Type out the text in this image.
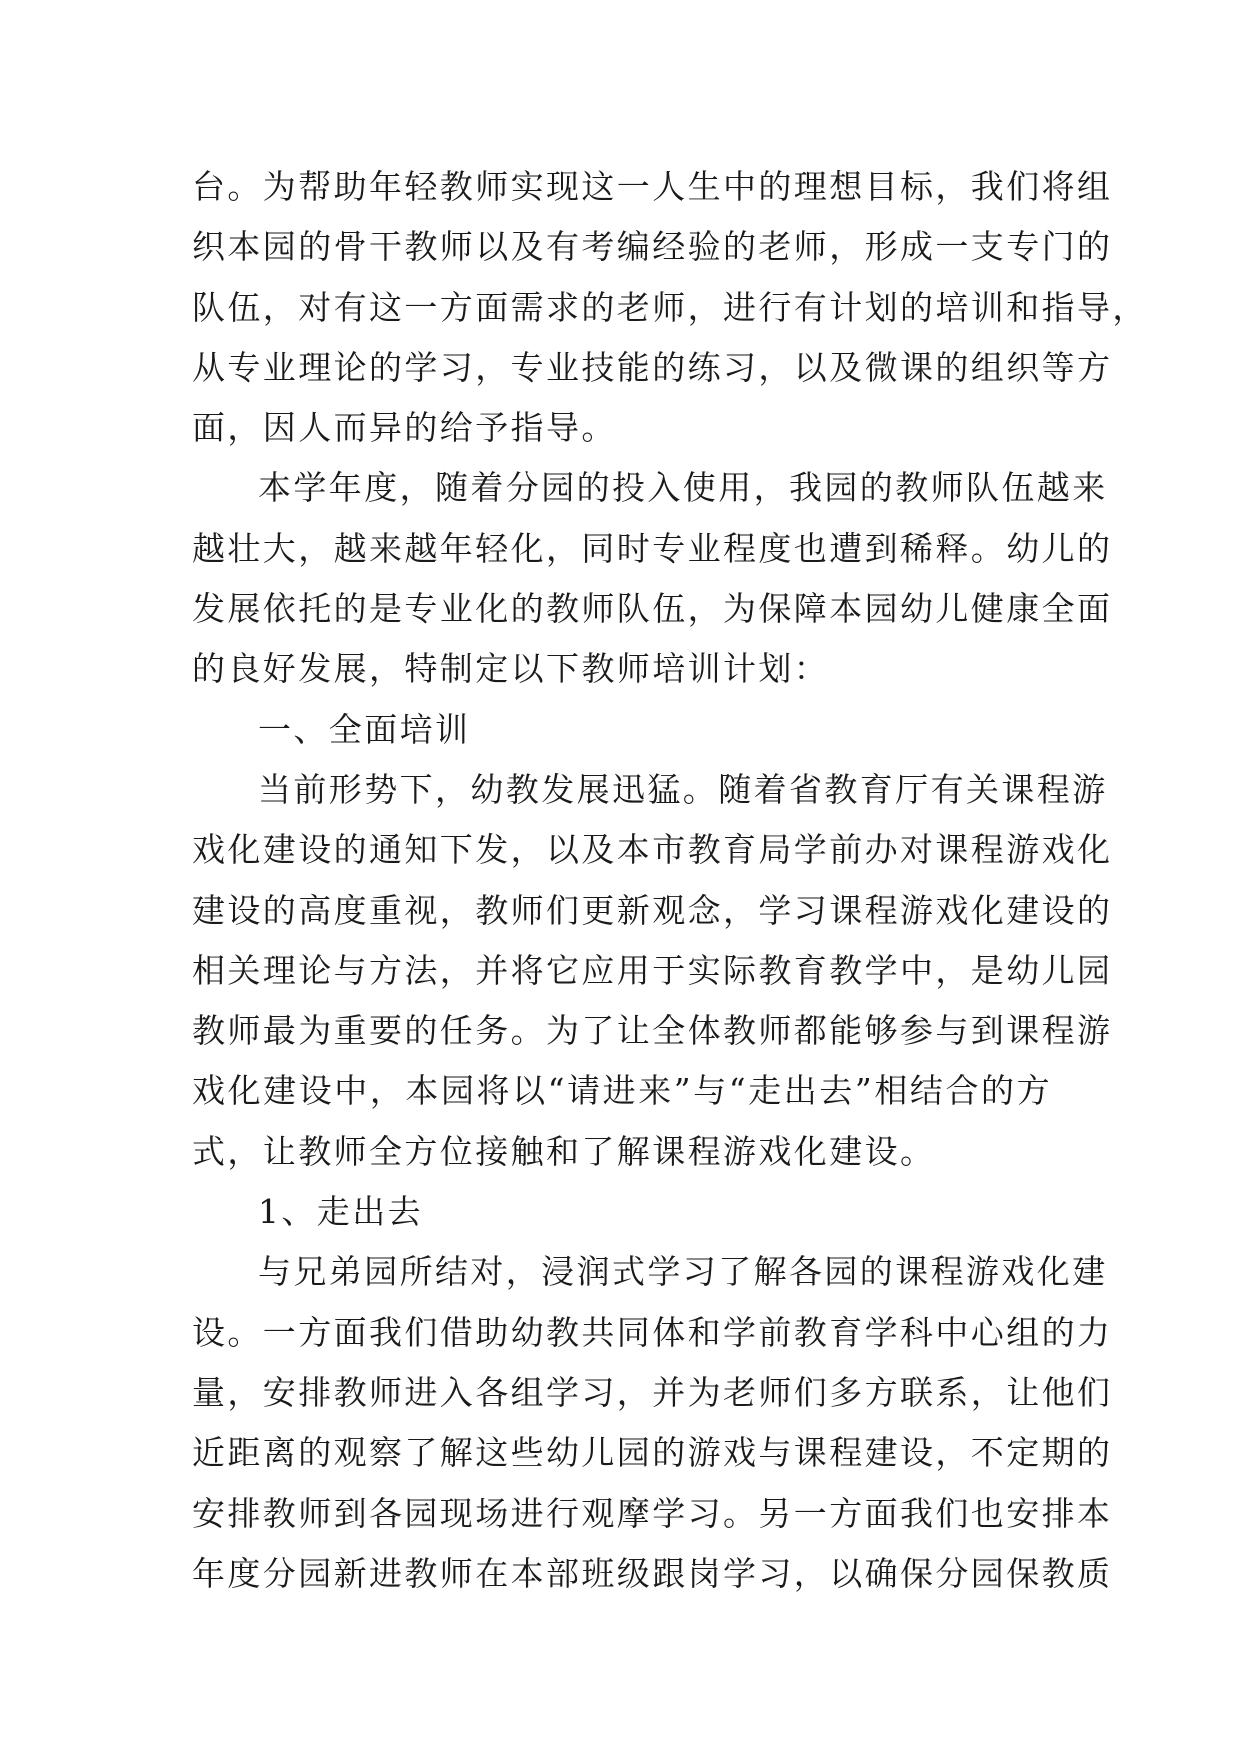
台。为帮助年轻教师实现这一人生中的理想目标，我们将组
织本园的骨干教师以及有考编经验的老师，形成一支专门的
队伍，对有这一方面需求的老师，进行有计划的培训和指导，
从专业理论的学习，专业技能的练习，以及微课的组织等方
面，因人而异的给予指导。
本学年度，随着分园的投入使用，我园的教师队伍越来
越壮大，越来越年轻化，同时专业程度也遭到稀释。幼儿的
发展依托的是专业化的教师队伍，为保障本园幼儿健康全面
的良好发展，特制定以下教师培训计划：
一、全面培训
当前形势下，幼教发展迅猛。随着省教育厅有关课程游
戏化建设的通知下发，以及本市教育局学前办对课程游戏化
建设的高度重视，教师们更新观念，学习课程游戏化建设的
相关理论与方法，并将它应用于实际教育教学中，是幼儿园
教师最为重要的任务。为了让全体教师都能够参与到课程游
戏化建设中，本园将以“请进来”与“走出去”相结合的方
式，让教师全方位接触和了解课程游戏化建设。
1、走出去
与兄弟园所结对，浸润式学习了解各园的课程游戏化建
设。一方面我们借助幼教共同体和学前教育学科中心组的力
量，安排教师进入各组学习，并为老师们多方联系，让他们
近距离的观察了解这些幼儿园的游戏与课程建设，不定期的
安排教师到各园现场进行观摩学习。另一方面我们也安排本
年度分园新进教师在本部班级跟岗学习，以确保分园保教质
